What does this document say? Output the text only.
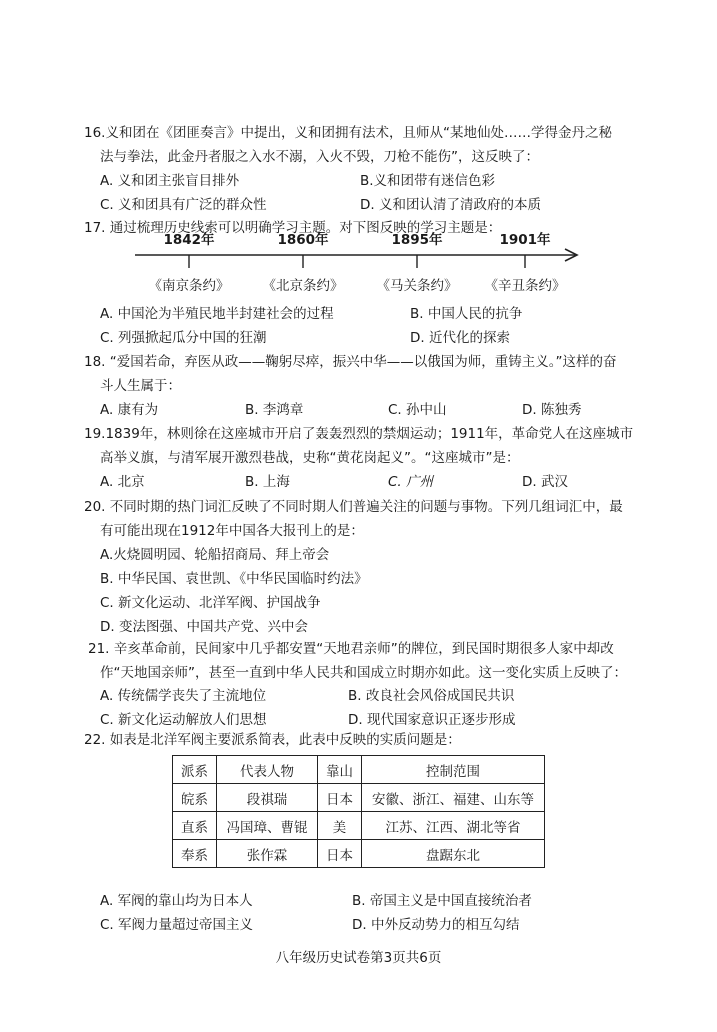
16.义和团在《团匪奏言》中提出，义和团拥有法术，且师从“某地仙处……学得金丹之秘
法与拳法，此金丹者服之入水不溺，入火不毁，刀枪不能伤”，这反映了：
A. 义和团主张盲目排外	B.义和团带有迷信色彩
C. 义和团具有广泛的群众性	D. 义和团认清了清政府的本质
17. 通过梳理历史线索可以明确学习主题。对下图反映的学习主题是：
1842年	1860年	1895年	1901年
《南京条约》 《北京条约》 《马关条约》 《辛丑条约》
A. 中国沦为半殖民地半封建社会的过程	B. 中国人民的抗争
C. 列强掀起瓜分中国的狂潮	D. 近代化的探索
18. “爱国若命，弃医从政——鞠躬尽瘁，振兴中华——以俄国为师，重铸主义。”这样的奋
斗人生属于：
A. 康有为	B. 李鸿章	C. 孙中山	D. 陈独秀
19.1839年，林则徐在这座城市开启了轰轰烈烈的禁烟运动；1911年，革命党人在这座城市
高举义旗，与清军展开激烈巷战，史称“黄花岗起义”。“这座城市”是：
A. 北京	B. 上海	C. 广州	D. 武汉
20. 不同时期的热门词汇反映了不同时期人们普遍关注的问题与事物。下列几组词汇中，最
有可能出现在1912年中国各大报刊上的是：
A.火烧圆明园、轮船招商局、拜上帝会
B. 中华民国、袁世凯、《中华民国临时约法》
C. 新文化运动、北洋军阀、护国战争
D. 变法图强、中国共产党、兴中会
21. 辛亥革命前，民间家中几乎都安置“天地君亲师”的牌位，到民国时期很多人家中却改
作“天地国亲师”，甚至一直到中华人民共和国成立时期亦如此。这一变化实质上反映了：
A. 传统儒学丧失了主流地位	B. 改良社会风俗成国民共识
C. 新文化运动解放人们思想	D. 现代国家意识正逐步形成
22. 如表是北洋军阀主要派系简表，此表中反映的实质问题是：
派系	代表人物	靠山	控制范围
皖系	段祺瑞	日本	安徽、浙江、福建、山东等
直系	冯国璋、曹锟	美	江苏、江西、湖北等省
奉系	张作霖	日本	盘踞东北
A. 军阀的靠山均为日本人	B. 帝国主义是中国直接统治者
C. 军阀力量超过帝国主义	D. 中外反动势力的相互勾结
八年级历史试卷第3页共6页
